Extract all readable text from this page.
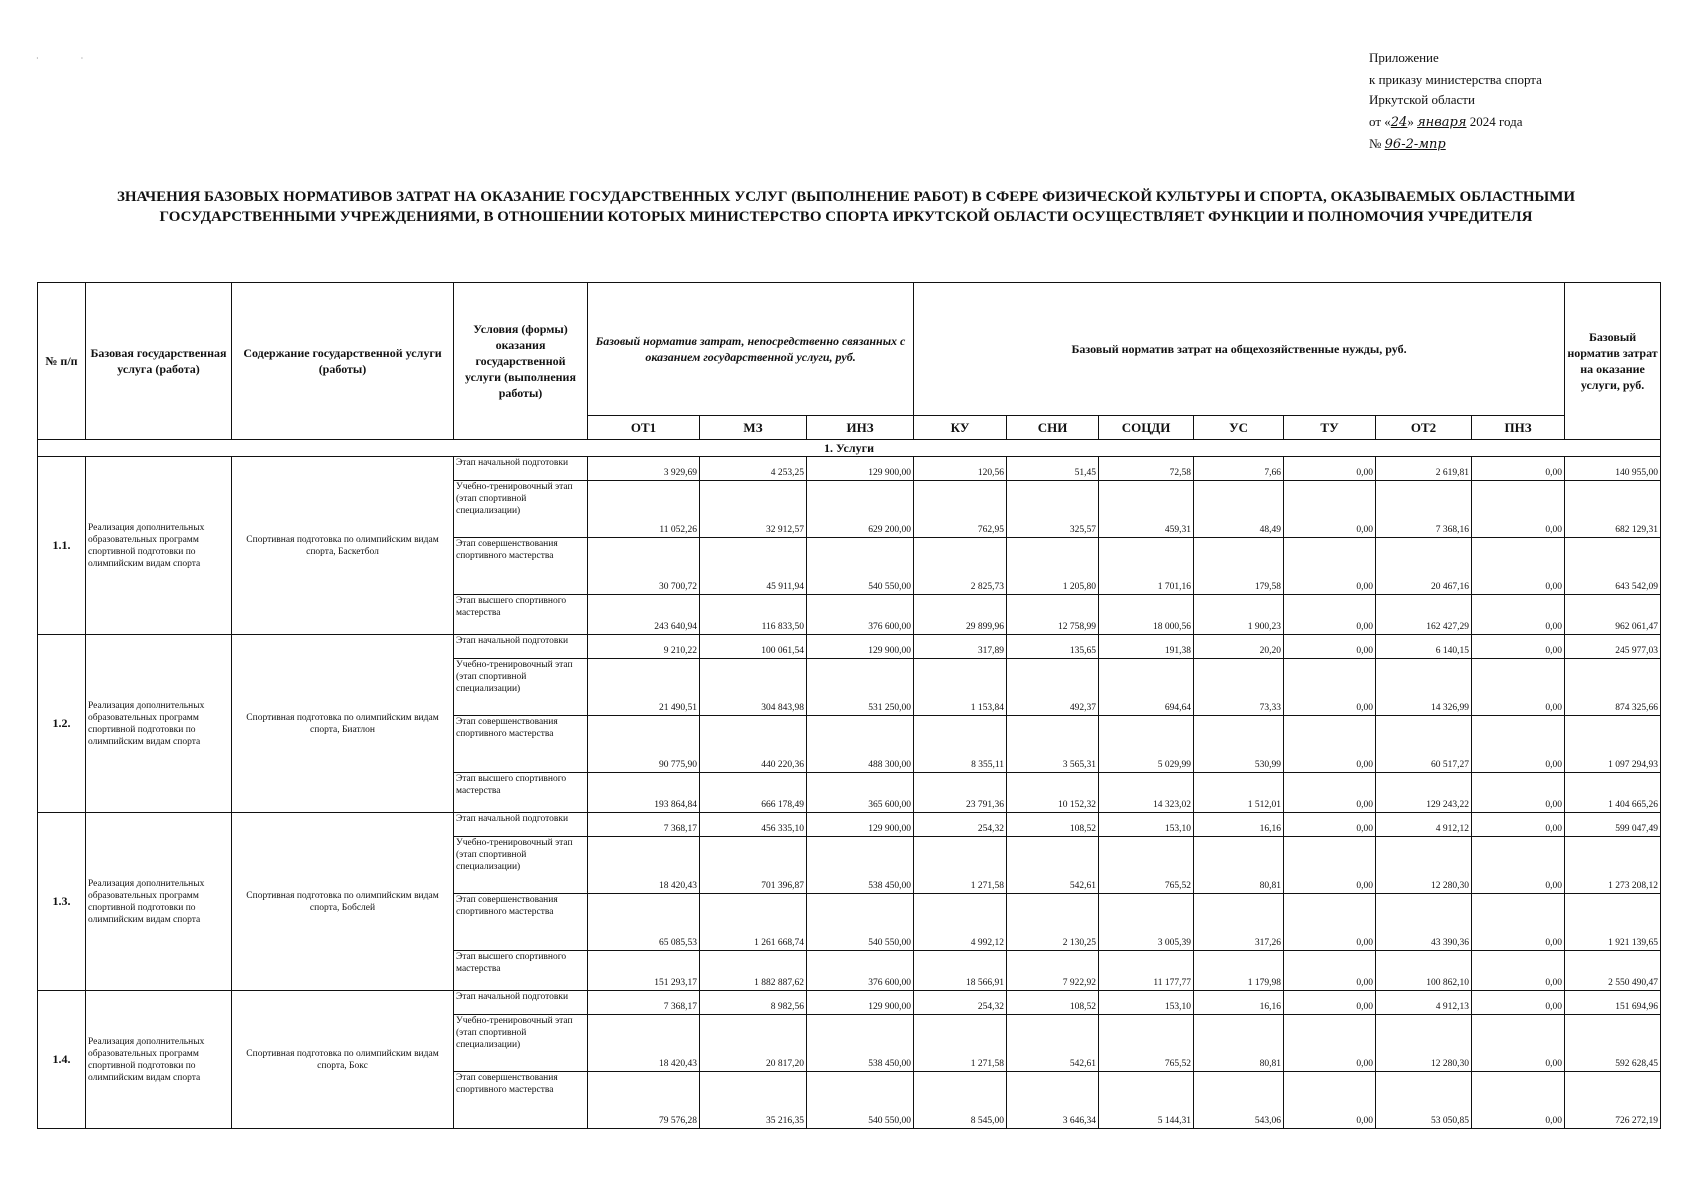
· ·	Приложение
к приказу министерства спорта
Иркутской области
от «24» января 2024 года
№ 96-2-мпр
ЗНАЧЕНИЯ БАЗОВЫХ НОРМАТИВОВ ЗАТРАТ НА ОКАЗАНИЕ ГОСУДАРСТВЕННЫХ УСЛУГ (ВЫПОЛНЕНИЕ РАБОТ) В СФЕРЕ ФИЗИЧЕСКОЙ КУЛЬТУРЫ И СПОРТА, ОКАЗЫВАЕМЫХ ОБЛАСТНЫМИ ГОСУДАРСТВЕННЫМИ УЧРЕЖДЕНИЯМИ, В ОТНОШЕНИИ КОТОРЫХ МИНИСТЕРСТВО СПОРТА ИРКУТСКОЙ ОБЛАСТИ ОСУЩЕСТВЛЯЕТ ФУНКЦИИ И ПОЛНОМОЧИЯ УЧРЕДИТЕЛЯ
№ п/п	Базовая государственная услуга (работа)	Содержание государственной услуги (работы)	Условия (формы) оказания государственной услуги (выполнения работы)	Базовый норматив затрат, непосредственно связанных с оказанием государственной услуги, руб.			Базовый норматив затрат на общехозяйственные нужды, руб.							Базовый норматив затрат на оказание услуги, руб.
				ОТ1	МЗ	ИНЗ	КУ	СНИ	СОЦДИ	УС	ТУ	ОТ2	ПНЗ	
1. Услуги														
1.1.	Реализация дополнительных образовательных программ спортивной подготовки по олимпийским видам спорта	Спортивная подготовка по олимпийским видам спорта, Баскетбол	Этап начальной подготовки	3 929,69	4 253,25	129 900,00	120,56	51,45	72,58	7,66	0,00	2 619,81	0,00	140 955,00
			Учебно-тренировочный этап (этап спортивной специализации)	11 052,26	32 912,57	629 200,00	762,95	325,57	459,31	48,49	0,00	7 368,16	0,00	682 129,31
			Этап совершенствования спортивного мастерства	30 700,72	45 911,94	540 550,00	2 825,73	1 205,80	1 701,16	179,58	0,00	20 467,16	0,00	643 542,09
			Этап высшего спортивного мастерства	243 640,94	116 833,50	376 600,00	29 899,96	12 758,99	18 000,56	1 900,23	0,00	162 427,29	0,00	962 061,47
1.2.	Реализация дополнительных образовательных программ спортивной подготовки по олимпийским видам спорта	Спортивная подготовка по олимпийским видам спорта, Биатлон	Этап начальной подготовки	9 210,22	100 061,54	129 900,00	317,89	135,65	191,38	20,20	0,00	6 140,15	0,00	245 977,03
			Учебно-тренировочный этап (этап спортивной специализации)	21 490,51	304 843,98	531 250,00	1 153,84	492,37	694,64	73,33	0,00	14 326,99	0,00	874 325,66
			Этап совершенствования спортивного мастерства	90 775,90	440 220,36	488 300,00	8 355,11	3 565,31	5 029,99	530,99	0,00	60 517,27	0,00	1 097 294,93
			Этап высшего спортивного мастерства	193 864,84	666 178,49	365 600,00	23 791,36	10 152,32	14 323,02	1 512,01	0,00	129 243,22	0,00	1 404 665,26
1.3.	Реализация дополнительных образовательных программ спортивной подготовки по олимпийским видам спорта	Спортивная подготовка по олимпийским видам спорта, Бобслей	Этап начальной подготовки	7 368,17	456 335,10	129 900,00	254,32	108,52	153,10	16,16	0,00	4 912,12	0,00	599 047,49
			Учебно-тренировочный этап (этап спортивной специализации)	18 420,43	701 396,87	538 450,00	1 271,58	542,61	765,52	80,81	0,00	12 280,30	0,00	1 273 208,12
			Этап совершенствования спортивного мастерства	65 085,53	1 261 668,74	540 550,00	4 992,12	2 130,25	3 005,39	317,26	0,00	43 390,36	0,00	1 921 139,65
			Этап высшего спортивного мастерства	151 293,17	1 882 887,62	376 600,00	18 566,91	7 922,92	11 177,77	1 179,98	0,00	100 862,10	0,00	2 550 490,47
1.4.	Реализация дополнительных образовательных программ спортивной подготовки по олимпийским видам спорта	Спортивная подготовка по олимпийским видам спорта, Бокс	Этап начальной подготовки	7 368,17	8 982,56	129 900,00	254,32	108,52	153,10	16,16	0,00	4 912,13	0,00	151 694,96
			Учебно-тренировочный этап (этап спортивной специализации)	18 420,43	20 817,20	538 450,00	1 271,58	542,61	765,52	80,81	0,00	12 280,30	0,00	592 628,45
			Этап совершенствования спортивного мастерства	79 576,28	35 216,35	540 550,00	8 545,00	3 646,34	5 144,31	543,06	0,00	53 050,85	0,00	726 272,19
